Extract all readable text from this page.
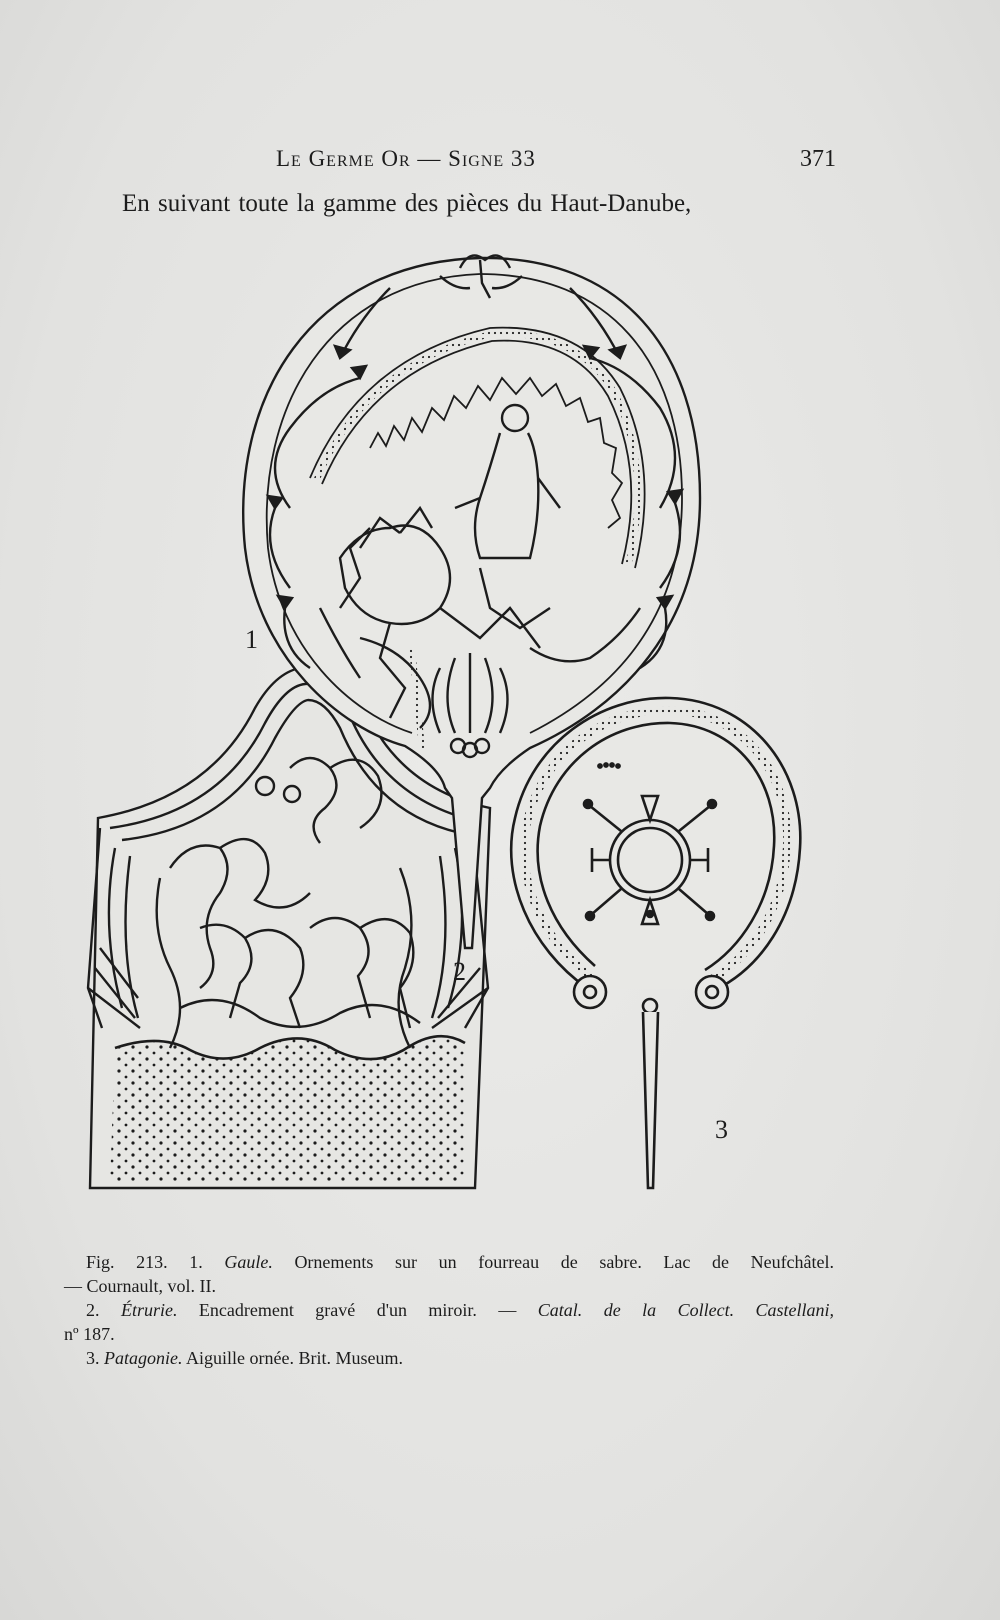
Le Germe Or — Signe 33	371
En suivant toute la gamme des pièces du Haut-Danube,
1
2
3
Fig. 213. 1. Gaule. Ornements sur un fourreau de sabre. Lac de Neufchâtel.
— Cournault, vol. II.
2. Étrurie. Encadrement gravé d'un miroir. — Catal. de la Collect. Castellani,
nº 187.
3. Patagonie. Aiguille ornée. Brit. Museum.
